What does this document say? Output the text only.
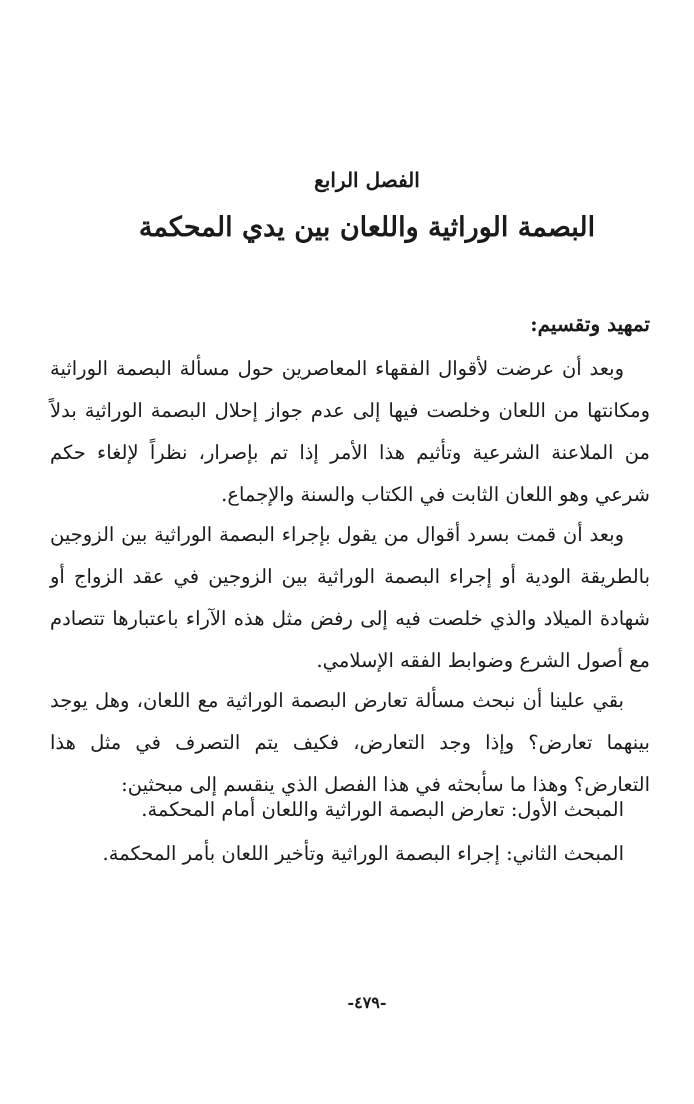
الفصل الرابع
البصمة الوراثية واللعان بين يدي المحكمة
تمهيد وتقسيم:

وبعد أن عرضت لأقوال الفقهاء المعاصرين حول مسألة البصمة الوراثية ومكانتها من اللعان وخلصت فيها إلى عدم جواز إحلال البصمة الوراثية بدلاً من الملاعنة الشرعية وتأثيم هذا الأمر إذا تم بإصرار، نظراً لإلغاء حكم شرعي وهو اللعان الثابت في الكتاب والسنة والإجماع.

وبعد أن قمت بسرد أقوال من يقول بإجراء البصمة الوراثية بين الزوجين بالطريقة الودية أو إجراء البصمة الوراثية بين الزوجين في عقد الزواج أو شهادة الميلاد والذي خلصت فيه إلى رفض مثل هذه الآراء باعتبارها تتصادم مع أصول الشرع وضوابط الفقه الإسلامي.

بقي علينا أن نبحث مسألة تعارض البصمة الوراثية مع اللعان، وهل يوجد بينهما تعارض؟ وإذا وجد التعارض، فكيف يتم التصرف في مثل هذا التعارض؟ وهذا ما سأبحثه في هذا الفصل الذي ينقسم إلى مبحثين:

المبحث الأول: تعارض البصمة الوراثية واللعان أمام المحكمة.

المبحث الثاني: إجراء البصمة الوراثية وتأخير اللعان بأمر المحكمة.

-٤٧٩-
